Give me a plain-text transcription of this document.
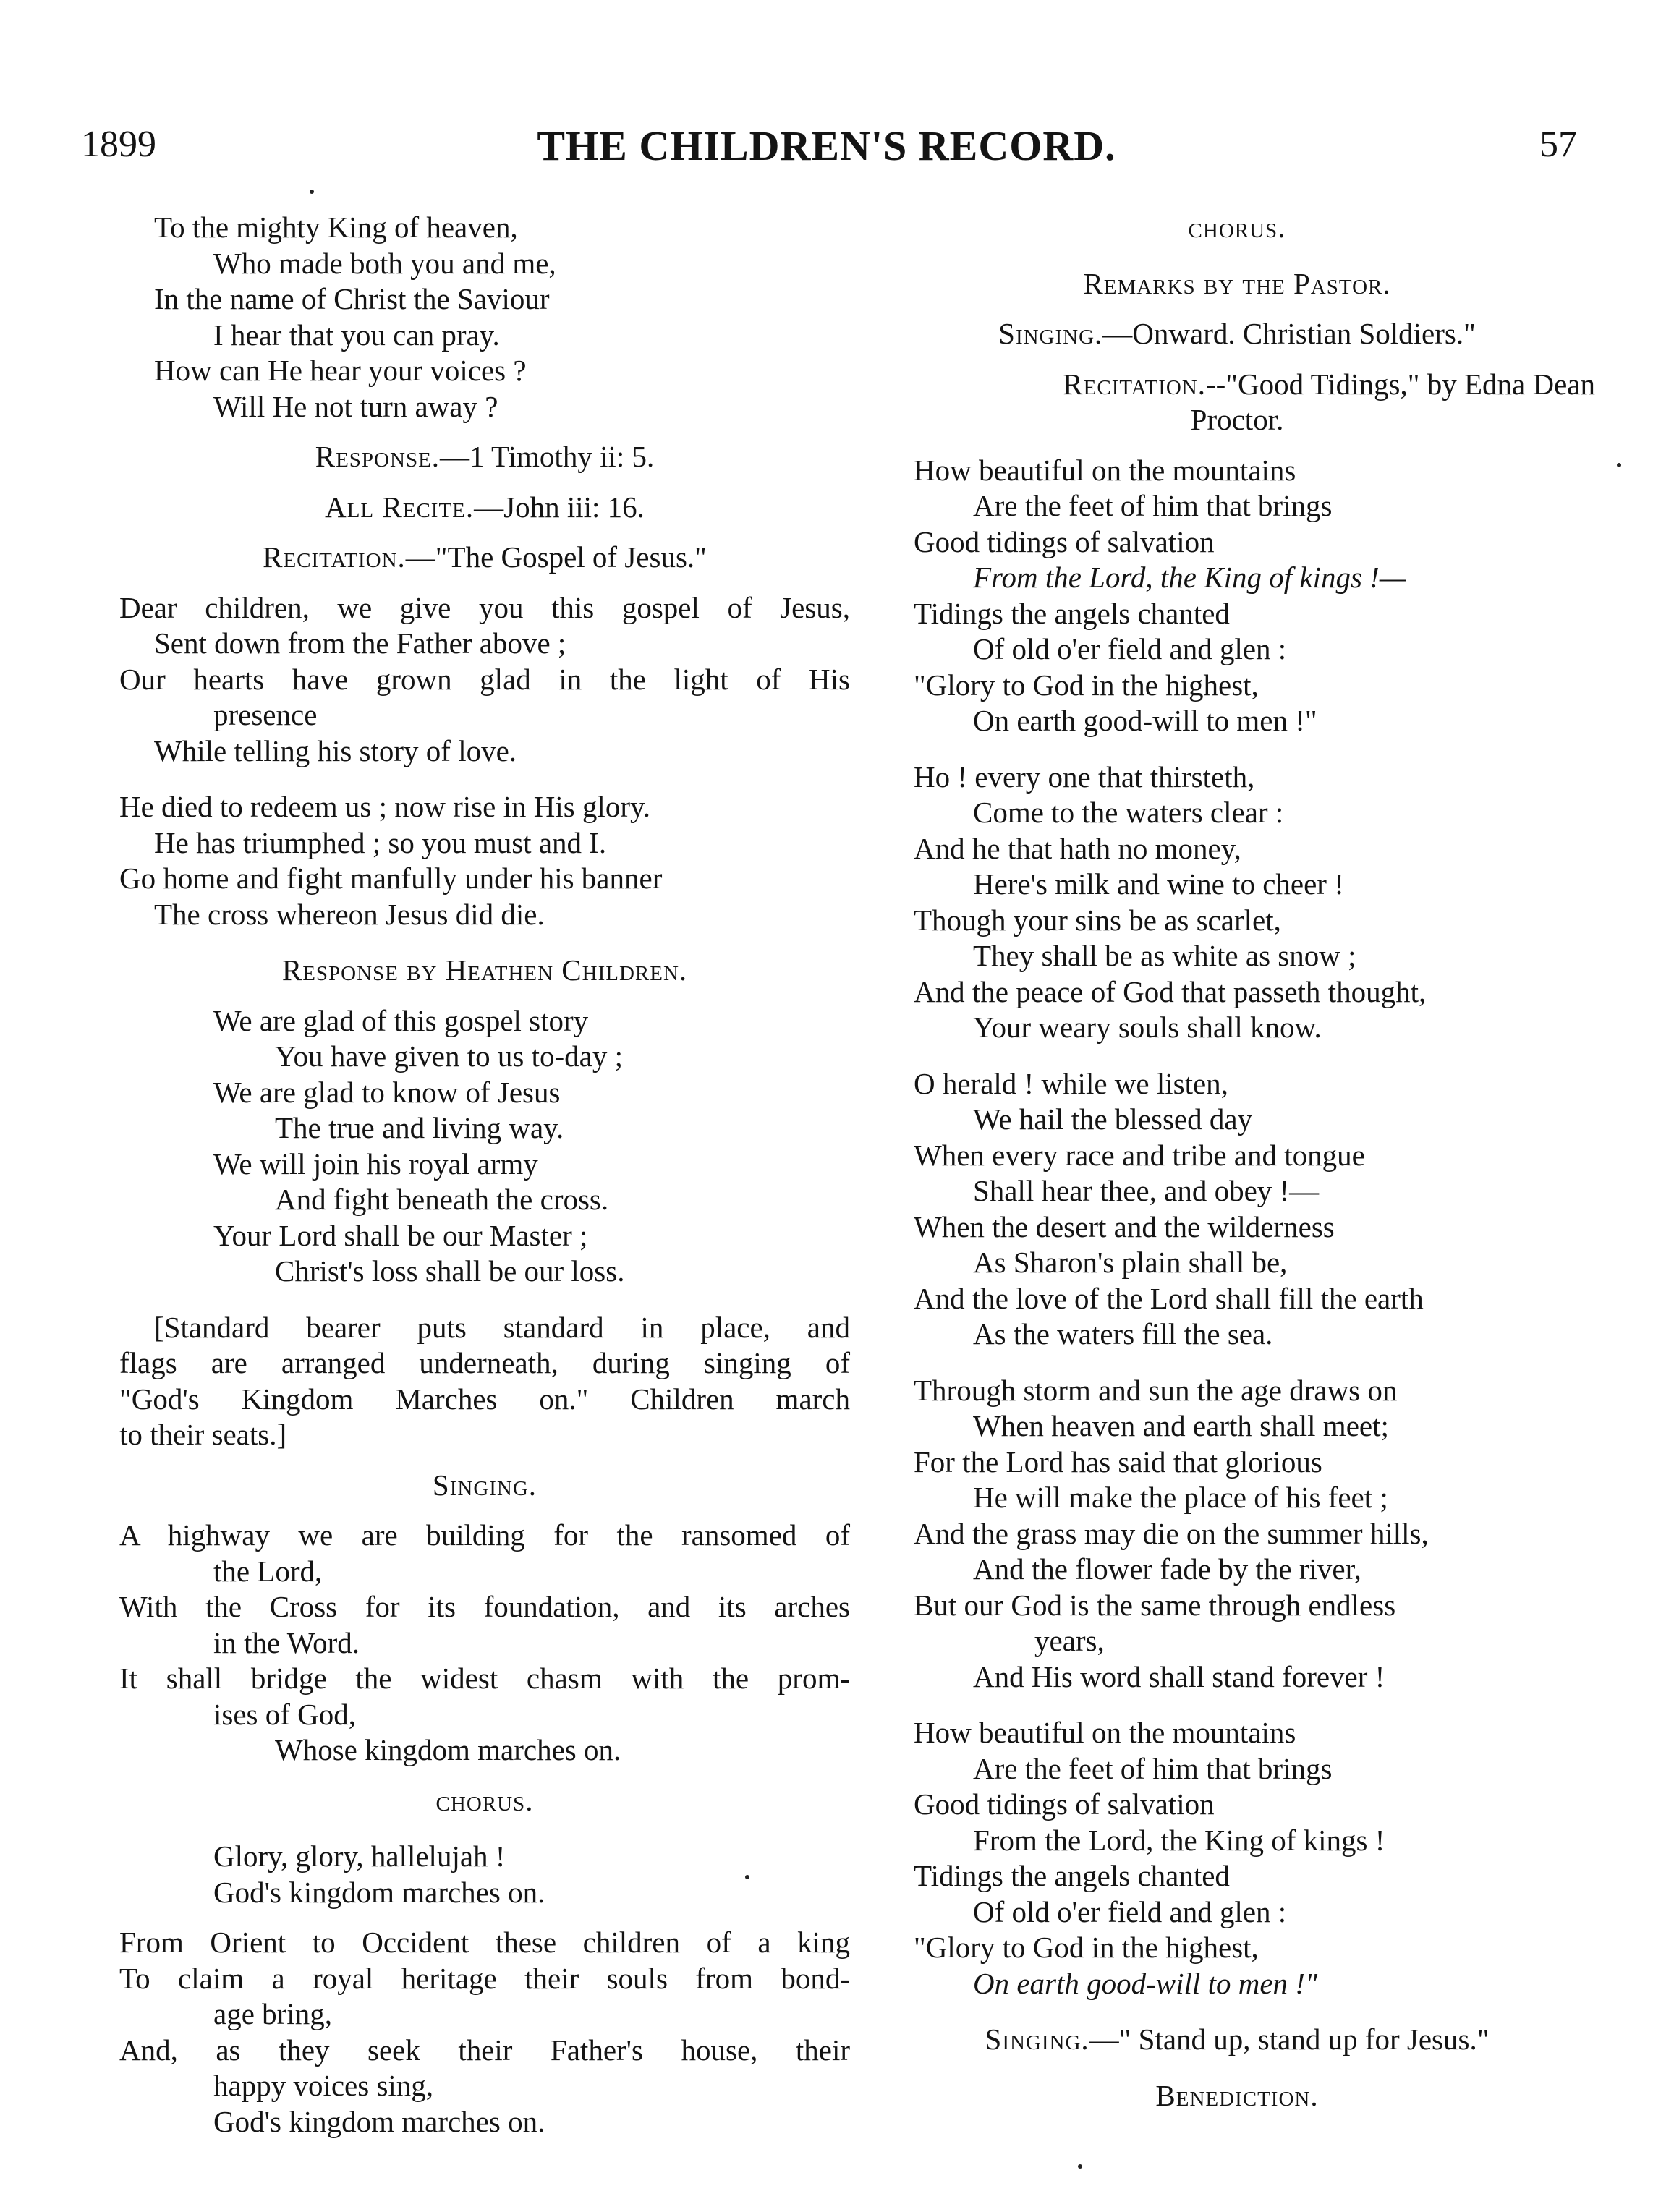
1899	THE CHILDREN'S RECORD.	57
To the mighty King of heaven,
Who made both you and me,
In the name of Christ the Saviour
I hear that you can pray.
How can He hear your voices ?
Will He not turn away ?
Response.—1 Timothy ii: 5.
All Recite.—John iii: 16.
Recitation.—"The Gospel of Jesus."
Dear children, we give you this gospel of Jesus,
Sent down from the Father above ;
Our hearts have grown glad in the light of His
presence
While telling his story of love.
He died to redeem us ; now rise in His glory.
He has triumphed ; so you must and I.
Go home and fight manfully under his banner
The cross whereon Jesus did die.
Response by Heathen Children.
We are glad of this gospel story
You have given to us to-day ;
We are glad to know of Jesus
The true and living way.
We will join his royal army
And fight beneath the cross.
Your Lord shall be our Master ;
Christ's loss shall be our loss.
[Standard bearer puts standard in place, and
flags are arranged underneath, during singing of
"God's Kingdom Marches on." Children march
to their seats.]
Singing.
A highway we are building for the ransomed of
the Lord,
With the Cross for its foundation, and its arches
in the Word.
It shall bridge the widest chasm with the prom-
ises of God,
Whose kingdom marches on.
chorus.
Glory, glory, hallelujah !
God's kingdom marches on.
From Orient to Occident these children of a king
To claim a royal heritage their souls from bond-
age bring,
And, as they seek their Father's house, their
happy voices sing,
God's kingdom marches on.
chorus.
Remarks by the Pastor.
Singing.—Onward. Christian Soldiers."
Recitation.--"Good Tidings," by Edna Dean
Proctor.
How beautiful on the mountains
Are the feet of him that brings
Good tidings of salvation
From the Lord, the King of kings !—
Tidings the angels chanted
Of old o'er field and glen :
"Glory to God in the highest,
On earth good-will to men !"
Ho ! every one that thirsteth,
Come to the waters clear :
And he that hath no money,
Here's milk and wine to cheer !
Though your sins be as scarlet,
They shall be as white as snow ;
And the peace of God that passeth thought,
Your weary souls shall know.
O herald ! while we listen,
We hail the blessed day
When every race and tribe and tongue
Shall hear thee, and obey !—
When the desert and the wilderness
As Sharon's plain shall be,
And the love of the Lord shall fill the earth
As the waters fill the sea.
Through storm and sun the age draws on
When heaven and earth shall meet;
For the Lord has said that glorious
He will make the place of his feet ;
And the grass may die on the summer hills,
And the flower fade by the river,
But our God is the same through endless
years,
And His word shall stand forever !
How beautiful on the mountains
Are the feet of him that brings
Good tidings of salvation
From the Lord, the King of kings !
Tidings the angels chanted
Of old o'er field and glen :
"Glory to God in the highest,
On earth good-will to men !"
Singing.—" Stand up, stand up for Jesus."
Benediction.
